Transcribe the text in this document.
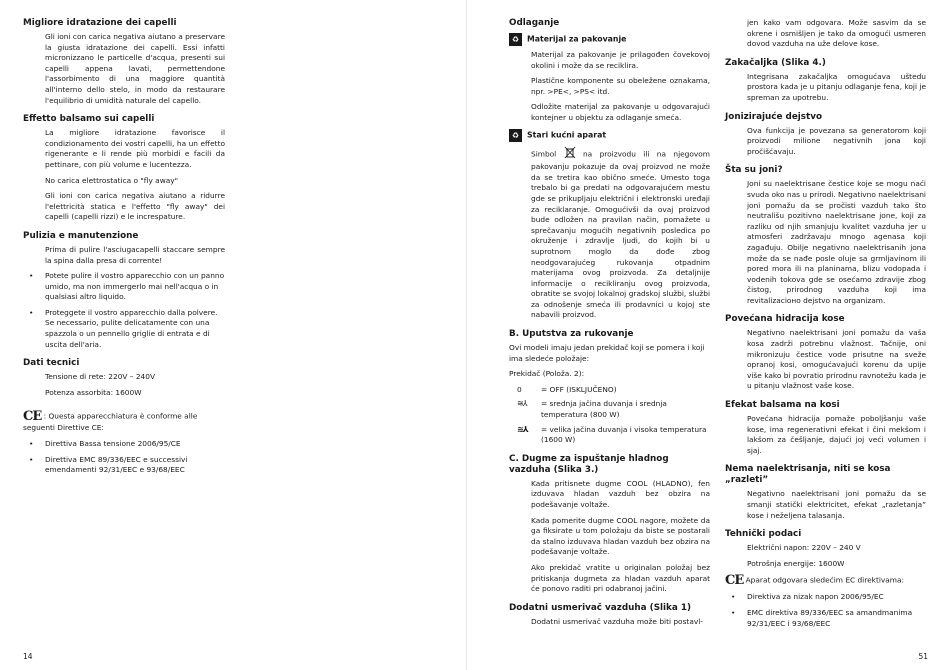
Migliore idratazione dei capelli

Gli ioni con carica negativa aiutano a preservare la giusta idratazione dei capelli. Essi infatti micronizzano le particelle d'acqua, presenti sui capelli appena lavati, permettendone l'assorbimento di una maggiore quantità all'interno dello stelo, in modo da restaurare l'equilibrio di umidità naturale del capello.

Effetto balsamo sui capelli

La migliore idratazione favorisce il condizionamento dei vostri capelli, ha un effetto rigenerante e li rende più morbidi e facili da pettinare, con più volume e lucentezza.

No carica elettrostatica o "fly away"

Gli ioni con carica negativa aiutano a ridurre l'elettricità statica e l'effetto "fly away" dei capelli (capelli rizzi) e le increspature.

Pulizia e manutenzione

Prima di pulire l'asciugacapelli staccare sempre la spina dalla presa di corrente!

• Potete pulire il vostro apparecchio con un panno umido, ma non immergerlo mai nell'acqua o in qualsiasi altro liquido.

• Proteggete il vostro apparecchio dalla polvere. Se necessario, pulite delicatamente con una spazzola o un pennello griglie di entrata e di uscita dell'aria.

Dati tecnici

Tensione di rete: 220V – 240V

Potenza assorbita: 1600W

CE : Questa apparecchiatura è conforme alle seguenti Direttive CE:

• Direttiva Bassa tensione 2006/95/CE

• Direttiva EMC 89/336/EEC e successivi emendamenti 92/31/EEC e 93/68/EEC

14
Odlaganje
♻ Materijal za pakovanje

Materijal za pakovanje je prilagođen čovekovoj okolini i može da se reciklira.

Plastične komponente su obeležene oznakama, npr. >PE<, >PS< itd.

Odložite materijal za pakovanje u odgovarajući kontejner u objektu za odlaganje smeća.

♻ Stari kućni aparat

Simbol	na proizvodu ili na njegovom pakovanju pokazuje da ovaj proizvod ne može da se tretira kao obično smeće. Umesto toga trebalo bi ga predati na odgovarajućem mestu gde se prikupljaju električni i elektronski uređaji za reciklaranje. Omogućivši da ovaj proizvod bude odložen na pravilan način, pomažete u sprečavanju mogućih negativnih posledica po okruženje i zdravlje ljudi, do kojih bi u suprotnom moglo da dođe zbog neodgovarajućeg rukovanja otpadnim materijama ovog proizvoda. Za detaljnije informacije o recikliranju ovog proizvoda, obratite se svojoj lokalnoj gradskoj službi, službi za odnošenje smeća ili prodavnici u kojoj ste nabavili proizvod.

B. Uputstva za rukovanje

Ovi modeli imaju jedan prekidač koji se pomera i koji ima sledeće položaje:

Prekidač (Položa. 2):

0	= OFF (ISKLJUČENO)
≋⅄	= srednja jačina duvanja i srednja temperatura (800 W)
≋⅄	= velika jačina duvanja i visoka temperatura (1600 W)
C. Dugme za ispuštanje hladnog vazduha (Slika 3.)

Kada pritisnete dugme COOL (HLADNO), fen izduvava hladan vazduh bez obzira na podešavanje voltaže.

Kada pomerite dugme COOL nagore, možete da ga fiksirate u tom položaju da biste se postarali da stalno izduvava hladan vazduh bez obzira na podešavanje voltaže.

Ako prekidač vratite u originalan položaj bez pritiskanja dugmeta za hladan vazduh aparat će ponovo raditi pri odabranoj jačini.

Dodatni usmerivač vazduha (Slika 1)

Dodatni usmerivač vazduha može biti postavl-

jen kako vam odgovara. Može sasvim da se okrene i osmišljen je tako da omogući usmeren dovod vazduha na uže delove kose.

Zakačaljka (Slika 4.)

Integrisana zakačaljka omogućava uštedu prostora kada je u pitanju odlaganje fena, koji je spreman za upotrebu.

Jonizirajuće dejstvo

Ova funkcija je povezana sa generatorom koji proizvodi milione negativnih jona koji pročišćavaju.

Šta su joni?

Joni su naelektrisane čestice koje se mogu naći svuda oko nas u prirodi. Negativno naelektrisani joni pomažu da se pročisti vazduh tako što neutrališu pozitivno naelektrisane jone, koji za razliku od njih smanjuju kvalitet vazduha jer u atmosferi zadržavaju mnogo agenasa koji zagađuju. Obilje negativno naelektrisanih jona može da se nađe posle oluje sa grmljavinom ili pored mora ili na planinama, blizu vodopada i vodenih tokova gde se osećamo zdravije zbog čistog, prirodnog vazduha koji ima revitalizacioно dejstvo na organizam.

Povećana hidracija kose

Negativno naelektrisani joni pomažu da vaša kosa zadrži potrebnu vlažnost. Tačnije, oni mikronizuju čestice vode prisutne na sveže opranoj kosi, omogućavajući korenu da upije više kako bi povratio prirodnu ravnotežu kada je u pitanju vlažnost vaše kose.

Efekat balsama na kosi

Povećana hidracija pomaže poboljšanju vaše kose, ima regenerativni efekat i čini mekšom i lakšom za češljanje, dajući joj veći volumen i sjaj.

Nema naelektrisanja, niti se kosa „razleti”

Negativno naelektrisani joni pomažu da se smanji statički elektricitet, efekat „razletanja” kose i neželjena talasanja.

Tehnički podaci

Električni napon: 220V – 240 V

Potrošnja energije: 1600W

CE Aparat odgovara sledećim EC direktivama:

• Direktiva za nizak napon 2006/95/EC

• EMC direktiva 89/336/EEC sa amandmanima 92/31/EEC i 93/68/EEC

51
